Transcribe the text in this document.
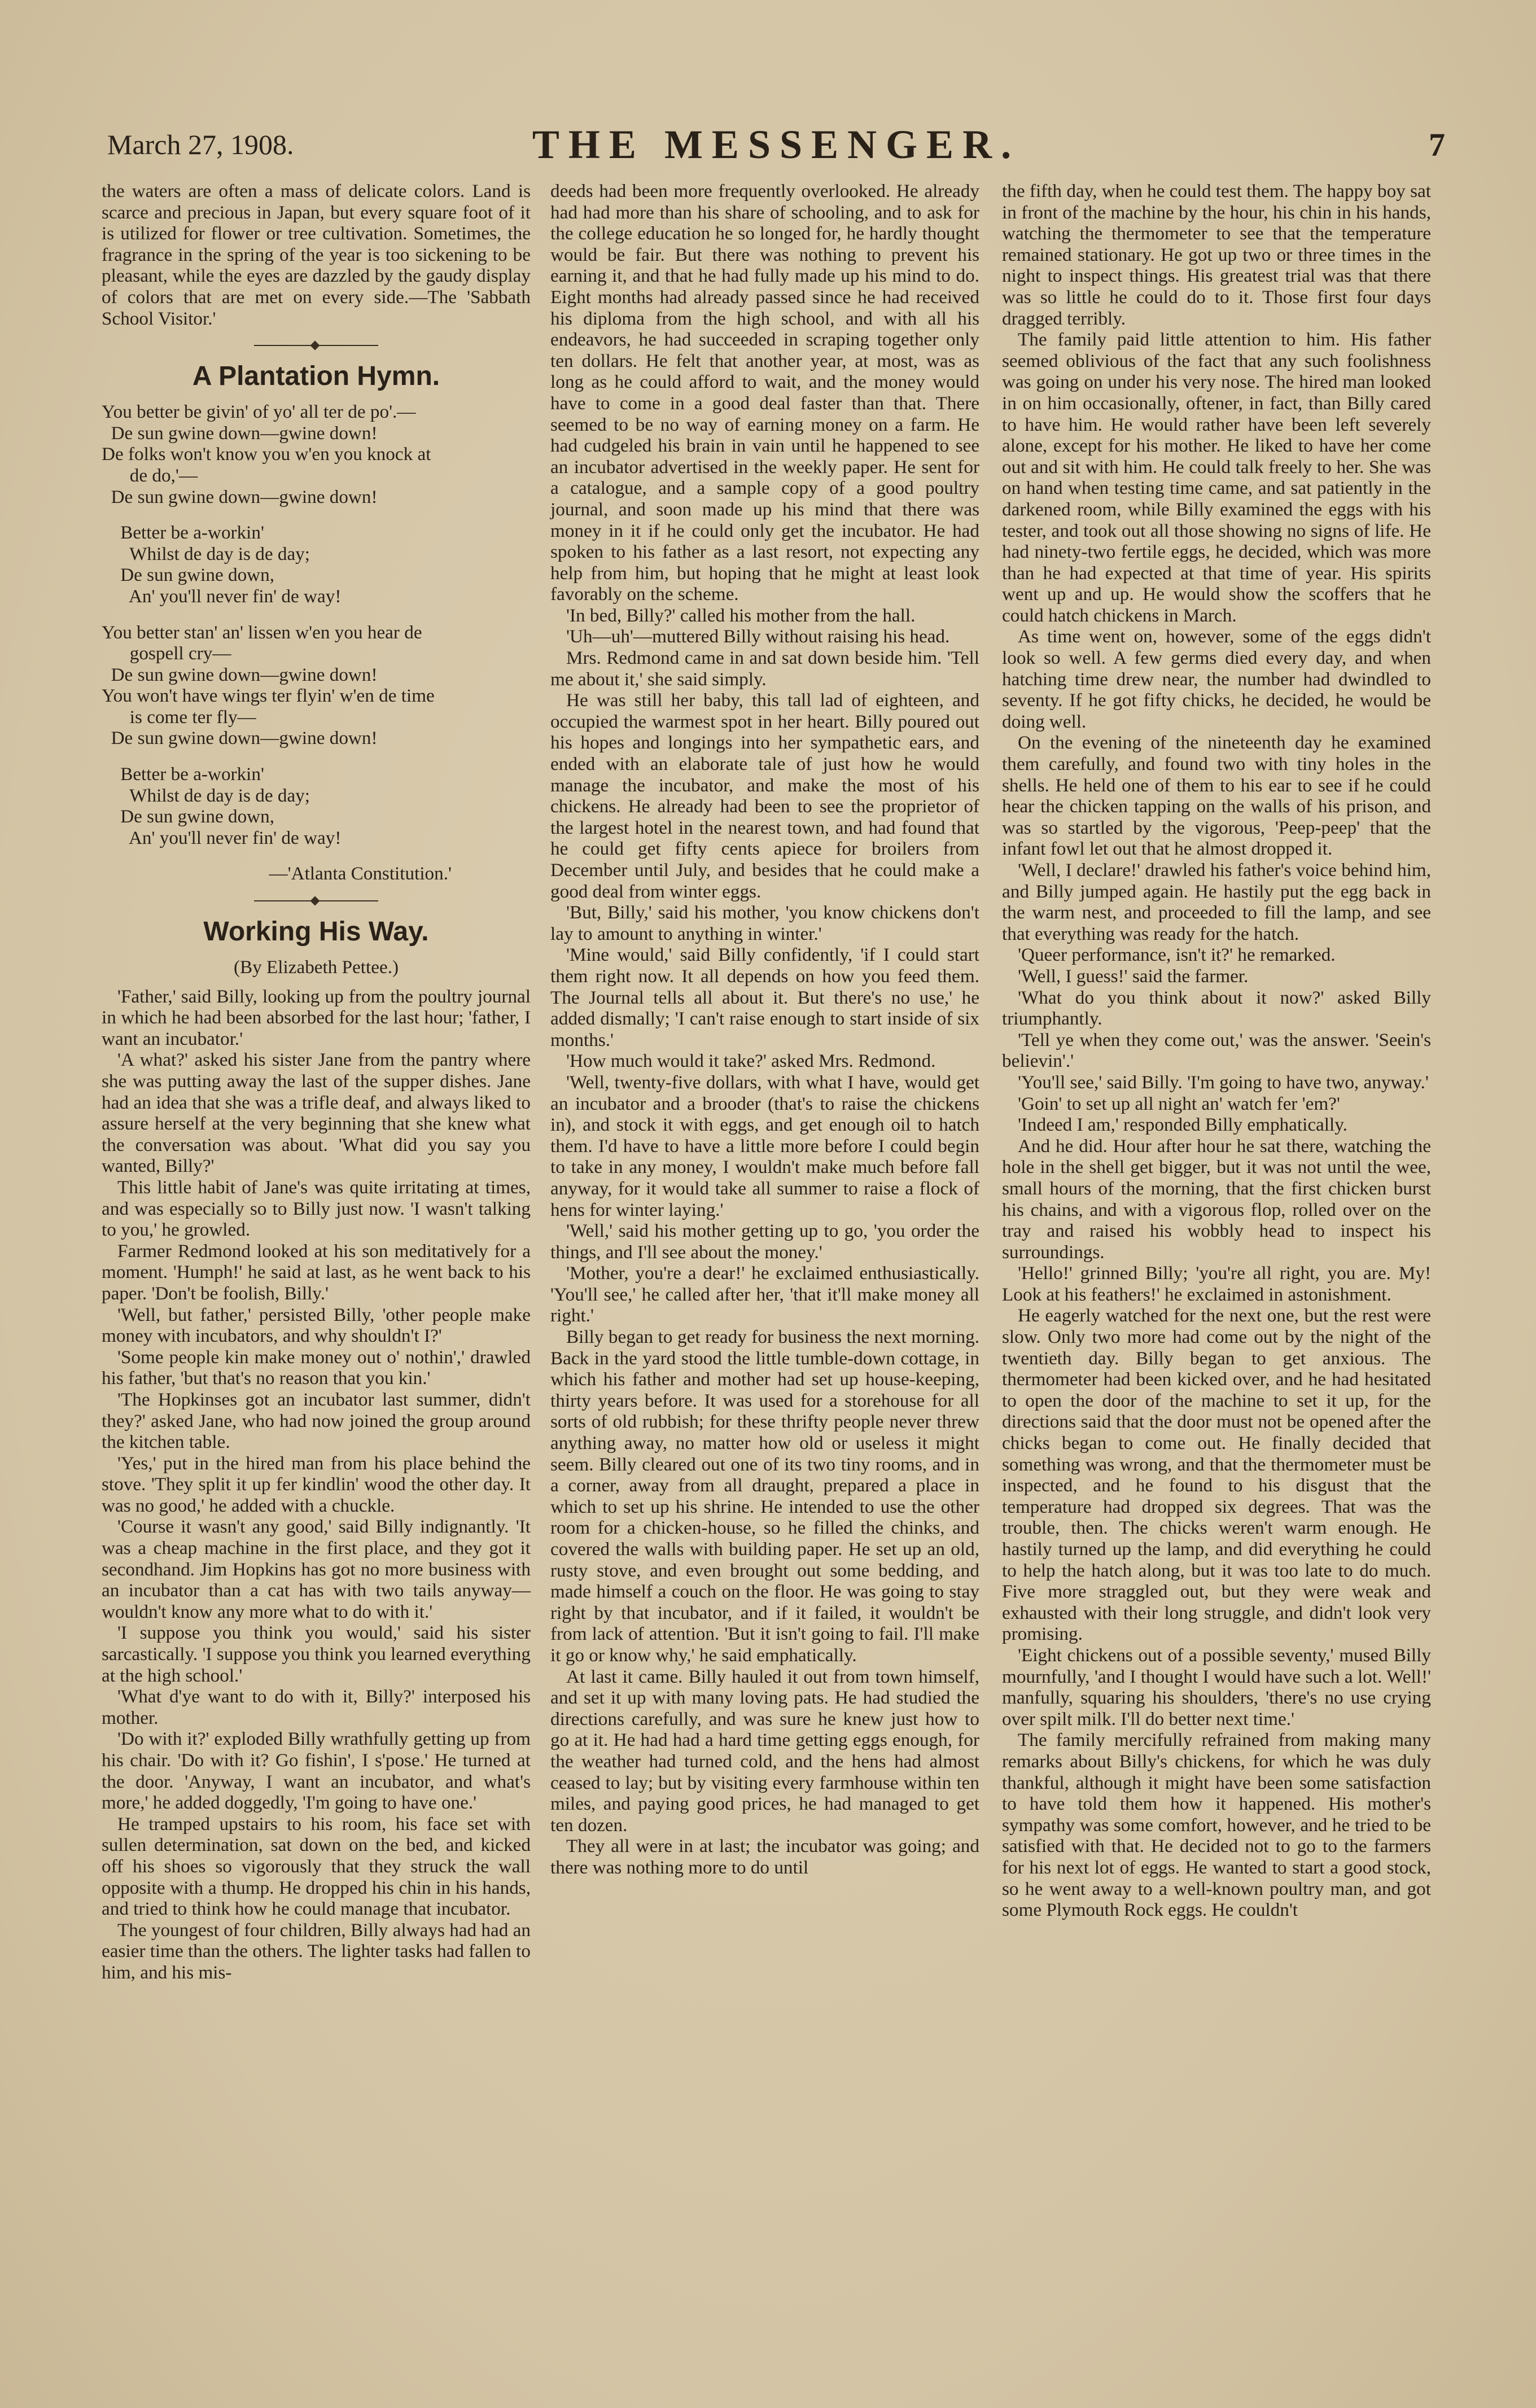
March 27, 1908.	THE MESSENGER.	7

the waters are often a mass of delicate colors. Land is scarce and precious in Japan, but every square foot of it is utilized for flower or tree cultivation. Sometimes, the fragrance in the spring of the year is too sickening to be pleasant, while the eyes are dazzled by the gaudy display of colors that are met on every side.—The 'Sabbath School Visitor.'

A Plantation Hymn.
You better be givin' of yo' all ter de po'.—
De sun gwine down—gwine down!
De folks won't know you w'en you knock at
de do,'—
De sun gwine down—gwine down!
Better be a-workin'
Whilst de day is de day;
De sun gwine down,
An' you'll never fin' de way!
You better stan' an' lissen w'en you hear de
gospell cry—
De sun gwine down—gwine down!
You won't have wings ter flyin' w'en de time
is come ter fly—
De sun gwine down—gwine down!
Better be a-workin'
Whilst de day is de day;
De sun gwine down,
An' you'll never fin' de way!
—'Atlanta Constitution.'
Working His Way.
(By Elizabeth Pettee.)

'Father,' said Billy, looking up from the poultry journal in which he had been absorbed for the last hour; 'father, I want an incubator.'

'A what?' asked his sister Jane from the pantry where she was putting away the last of the supper dishes. Jane had an idea that she was a trifle deaf, and always liked to assure herself at the very beginning that she knew what the conversation was about. 'What did you say you wanted, Billy?'

This little habit of Jane's was quite irritating at times, and was especially so to Billy just now. 'I wasn't talking to you,' he growled.

Farmer Redmond looked at his son meditatively for a moment. 'Humph!' he said at last, as he went back to his paper. 'Don't be foolish, Billy.'

'Well, but father,' persisted Billy, 'other people make money with incubators, and why shouldn't I?'

'Some people kin make money out o' nothin',' drawled his father, 'but that's no reason that you kin.'

'The Hopkinses got an incubator last summer, didn't they?' asked Jane, who had now joined the group around the kitchen table.

'Yes,' put in the hired man from his place behind the stove. 'They split it up fer kindlin' wood the other day. It was no good,' he added with a chuckle.

'Course it wasn't any good,' said Billy indignantly. 'It was a cheap machine in the first place, and they got it secondhand. Jim Hopkins has got no more business with an incubator than a cat has with two tails anyway—wouldn't know any more what to do with it.'

'I suppose you think you would,' said his sister sarcastically. 'I suppose you think you learned everything at the high school.'

'What d'ye want to do with it, Billy?' interposed his mother.

'Do with it?' exploded Billy wrathfully getting up from his chair. 'Do with it? Go fishin', I s'pose.' He turned at the door. 'Anyway, I want an incubator, and what's more,' he added doggedly, 'I'm going to have one.'

He tramped upstairs to his room, his face set with sullen determination, sat down on the bed, and kicked off his shoes so vigorously that they struck the wall opposite with a thump. He dropped his chin in his hands, and tried to think how he could manage that incubator.

The youngest of four children, Billy always had had an easier time than the others. The lighter tasks had fallen to him, and his mis-

deeds had been more frequently overlooked. He already had had more than his share of schooling, and to ask for the college education he so longed for, he hardly thought would be fair. But there was nothing to prevent his earning it, and that he had fully made up his mind to do. Eight months had already passed since he had received his diploma from the high school, and with all his endeavors, he had succeeded in scraping together only ten dollars. He felt that another year, at most, was as long as he could afford to wait, and the money would have to come in a good deal faster than that. There seemed to be no way of earning money on a farm. He had cudgeled his brain in vain until he happened to see an incubator advertised in the weekly paper. He sent for a catalogue, and a sample copy of a good poultry journal, and soon made up his mind that there was money in it if he could only get the incubator. He had spoken to his father as a last resort, not expecting any help from him, but hoping that he might at least look favorably on the scheme.

'In bed, Billy?' called his mother from the hall.

'Uh—uh'—muttered Billy without raising his head.

Mrs. Redmond came in and sat down beside him. 'Tell me about it,' she said simply.

He was still her baby, this tall lad of eighteen, and occupied the warmest spot in her heart. Billy poured out his hopes and longings into her sympathetic ears, and ended with an elaborate tale of just how he would manage the incubator, and make the most of his chickens. He already had been to see the proprietor of the largest hotel in the nearest town, and had found that he could get fifty cents apiece for broilers from December until July, and besides that he could make a good deal from winter eggs.

'But, Billy,' said his mother, 'you know chickens don't lay to amount to anything in winter.'

'Mine would,' said Billy confidently, 'if I could start them right now. It all depends on how you feed them. The Journal tells all about it. But there's no use,' he added dismally; 'I can't raise enough to start inside of six months.'

'How much would it take?' asked Mrs. Redmond.

'Well, twenty-five dollars, with what I have, would get an incubator and a brooder (that's to raise the chickens in), and stock it with eggs, and get enough oil to hatch them. I'd have to have a little more before I could begin to take in any money, I wouldn't make much before fall anyway, for it would take all summer to raise a flock of hens for winter laying.'

'Well,' said his mother getting up to go, 'you order the things, and I'll see about the money.'

'Mother, you're a dear!' he exclaimed enthusiastically. 'You'll see,' he called after her, 'that it'll make money all right.'

Billy began to get ready for business the next morning. Back in the yard stood the little tumble-down cottage, in which his father and mother had set up house-keeping, thirty years before. It was used for a storehouse for all sorts of old rubbish; for these thrifty people never threw anything away, no matter how old or useless it might seem. Billy cleared out one of its two tiny rooms, and in a corner, away from all draught, prepared a place in which to set up his shrine. He intended to use the other room for a chicken-house, so he filled the chinks, and covered the walls with building paper. He set up an old, rusty stove, and even brought out some bedding, and made himself a couch on the floor. He was going to stay right by that incubator, and if it failed, it wouldn't be from lack of attention. 'But it isn't going to fail. I'll make it go or know why,' he said emphatically.

At last it came. Billy hauled it out from town himself, and set it up with many loving pats. He had studied the directions carefully, and was sure he knew just how to go at it. He had had a hard time getting eggs enough, for the weather had turned cold, and the hens had almost ceased to lay; but by visiting every farmhouse within ten miles, and paying good prices, he had managed to get ten dozen.

They all were in at last; the incubator was going; and there was nothing more to do until

the fifth day, when he could test them. The happy boy sat in front of the machine by the hour, his chin in his hands, watching the thermometer to see that the temperature remained stationary. He got up two or three times in the night to inspect things. His greatest trial was that there was so little he could do to it. Those first four days dragged terribly.

The family paid little attention to him. His father seemed oblivious of the fact that any such foolishness was going on under his very nose. The hired man looked in on him occasionally, oftener, in fact, than Billy cared to have him. He would rather have been left severely alone, except for his mother. He liked to have her come out and sit with him. He could talk freely to her. She was on hand when testing time came, and sat patiently in the darkened room, while Billy examined the eggs with his tester, and took out all those showing no signs of life. He had ninety-two fertile eggs, he decided, which was more than he had expected at that time of year. His spirits went up and up. He would show the scoffers that he could hatch chickens in March.

As time went on, however, some of the eggs didn't look so well. A few germs died every day, and when hatching time drew near, the number had dwindled to seventy. If he got fifty chicks, he decided, he would be doing well.

On the evening of the nineteenth day he examined them carefully, and found two with tiny holes in the shells. He held one of them to his ear to see if he could hear the chicken tapping on the walls of his prison, and was so startled by the vigorous, 'Peep-peep' that the infant fowl let out that he almost dropped it.

'Well, I declare!' drawled his father's voice behind him, and Billy jumped again. He hastily put the egg back in the warm nest, and proceeded to fill the lamp, and see that everything was ready for the hatch.

'Queer performance, isn't it?' he remarked.

'Well, I guess!' said the farmer.

'What do you think about it now?' asked Billy triumphantly.

'Tell ye when they come out,' was the answer. 'Seein's believin'.'

'You'll see,' said Billy. 'I'm going to have two, anyway.'

'Goin' to set up all night an' watch fer 'em?'

'Indeed I am,' responded Billy emphatically.

And he did. Hour after hour he sat there, watching the hole in the shell get bigger, but it was not until the wee, small hours of the morning, that the first chicken burst his chains, and with a vigorous flop, rolled over on the tray and raised his wobbly head to inspect his surroundings.

'Hello!' grinned Billy; 'you're all right, you are. My! Look at his feathers!' he exclaimed in astonishment.

He eagerly watched for the next one, but the rest were slow. Only two more had come out by the night of the twentieth day. Billy began to get anxious. The thermometer had been kicked over, and he had hesitated to open the door of the machine to set it up, for the directions said that the door must not be opened after the chicks began to come out. He finally decided that something was wrong, and that the thermometer must be inspected, and he found to his disgust that the temperature had dropped six degrees. That was the trouble, then. The chicks weren't warm enough. He hastily turned up the lamp, and did everything he could to help the hatch along, but it was too late to do much. Five more straggled out, but they were weak and exhausted with their long struggle, and didn't look very promising.

'Eight chickens out of a possible seventy,' mused Billy mournfully, 'and I thought I would have such a lot. Well!' manfully, squaring his shoulders, 'there's no use crying over spilt milk. I'll do better next time.'

The family mercifully refrained from making many remarks about Billy's chickens, for which he was duly thankful, although it might have been some satisfaction to have told them how it happened. His mother's sympathy was some comfort, however, and he tried to be satisfied with that. He decided not to go to the farmers for his next lot of eggs. He wanted to start a good stock, so he went away to a well-known poultry man, and got some Plymouth Rock eggs. He couldn't
